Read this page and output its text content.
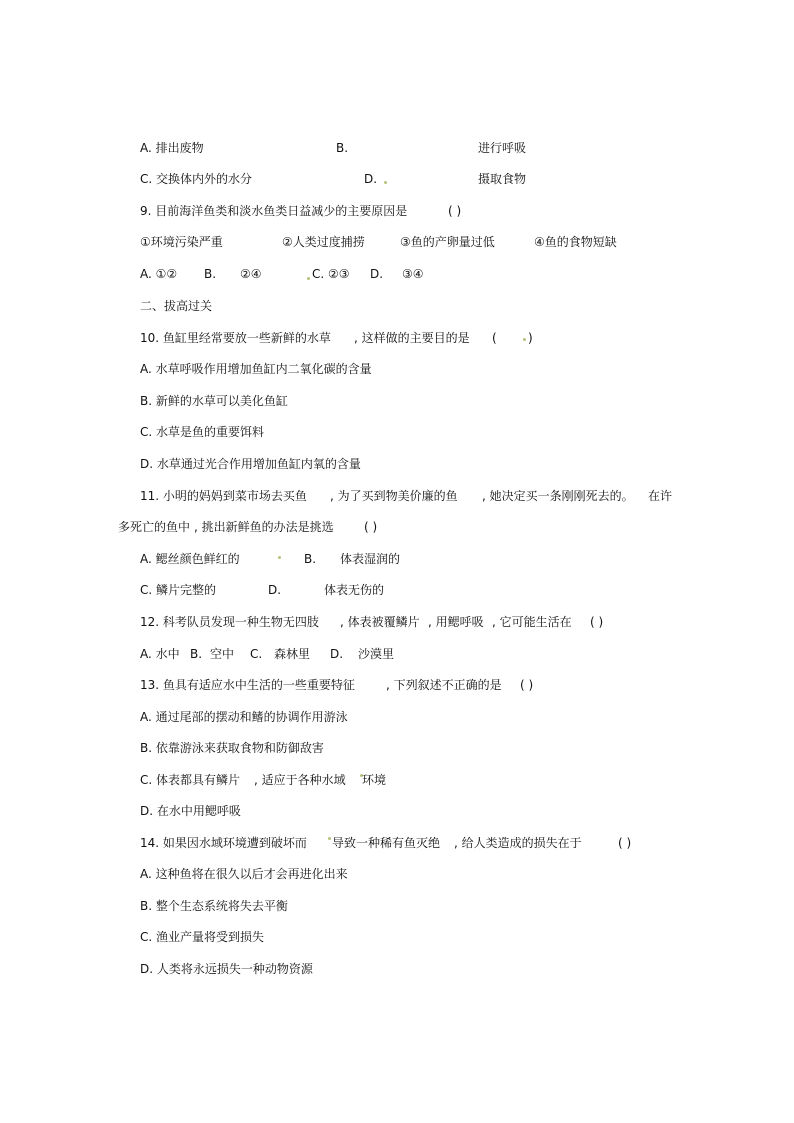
A. 排出废物	B.	进行呼吸
C. 交换体内外的水分	D.	摄取食物
9. 目前海洋鱼类和淡水鱼类日益减少的主要原因是	( )
①环境污染严重	②人类过度捕捞	③鱼的产卵量过低	④鱼的食物短缺
A. ①② B. ②④	C. ②③ D. ③④
二、拔高过关
10. 鱼缸里经常要放一些新鲜的水草 , 这样做的主要目的是 (	)
A. 水草呼吸作用增加鱼缸内二氧化碳的含量
B. 新鲜的水草可以美化鱼缸
C. 水草是鱼的重要饵料
D. 水草通过光合作用增加鱼缸内氧的含量
11. 小明的妈妈到菜市场去买鱼 , 为了买到物美价廉的鱼 , 她决定买一条刚刚死去的。 在许
多死亡的鱼中 , 挑出新鲜鱼的办法是挑选	( )
A. 鳃丝颜色鲜红的	B. 体表湿润的
C. 鳞片完整的	D.	体表无伤的
12. 科考队员发现一种生物无四肢 , 体表被覆鳞片 , 用鳃呼吸 , 它可能生活在 ( )
A. 水中 B. 空中 C. 森林里 D. 沙漠里
13. 鱼具有适应水中生活的一些重要特征	, 下列叙述不正确的是 ( )
A. 通过尾部的摆动和鳍的协调作用游泳
B. 依靠游泳来获取食物和防御敌害
C. 体表都具有鳞片 , 适应于各种水域 环境
D. 在水中用鳃呼吸
14. 如果因水域环境遭到破坏而 导致一种稀有鱼灭绝 , 给人类造成的损失在于	( )
A. 这种鱼将在很久以后才会再进化出来
B. 整个生态系统将失去平衡
C. 渔业产量将受到损失
D. 人类将永远损失一种动物资源
